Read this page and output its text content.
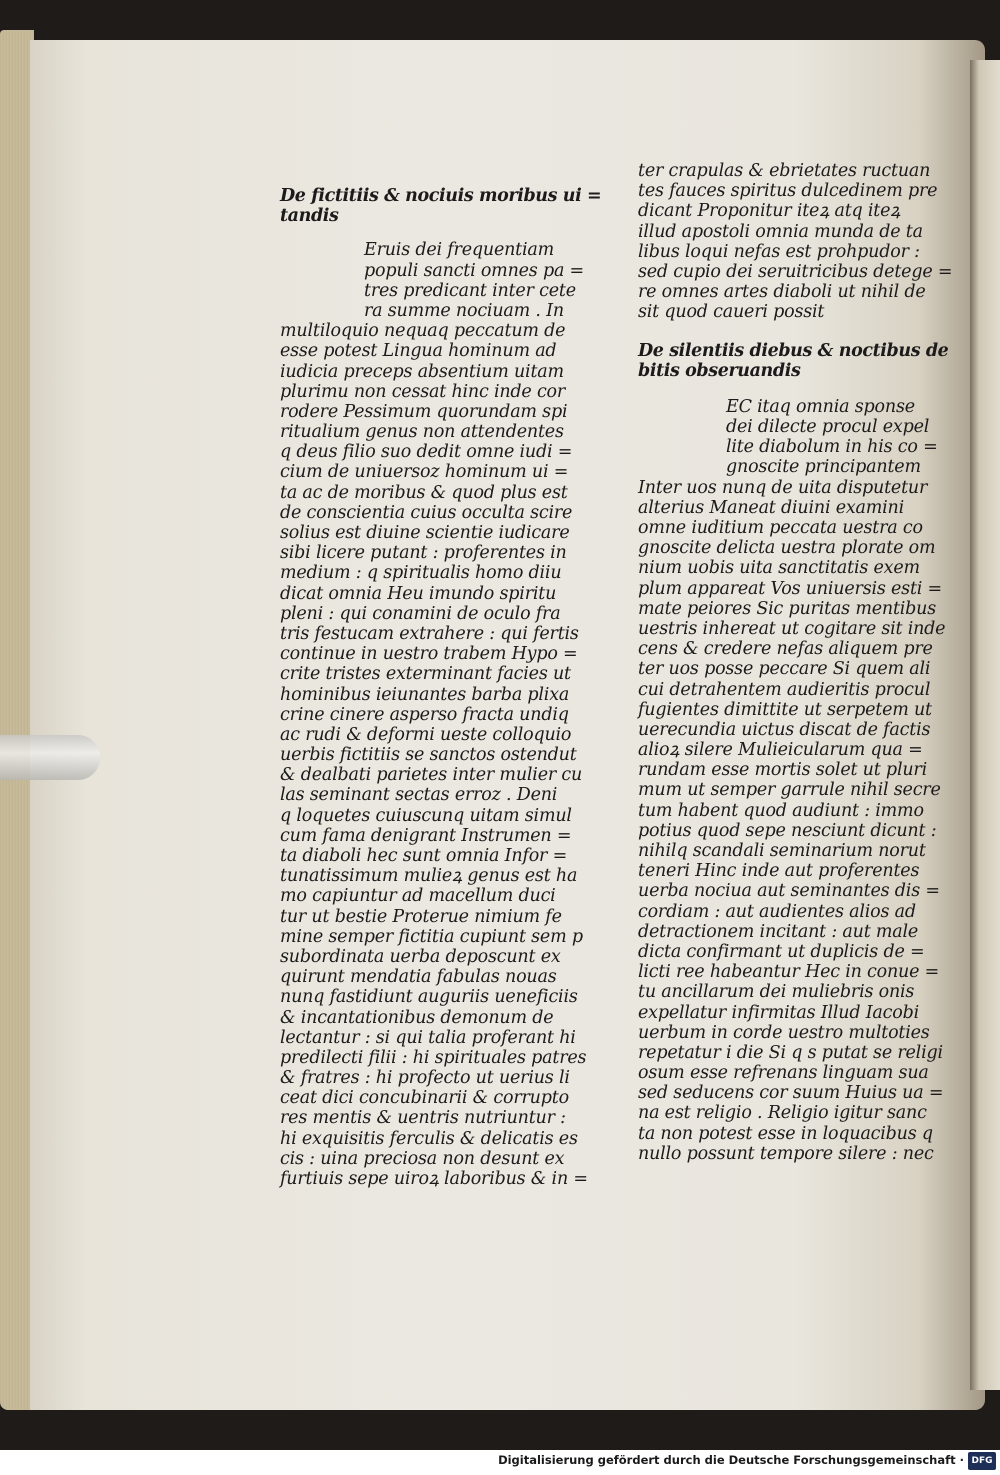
De fictitiis & nociuis moribus ui =
tandis
Eruis dei frequentiam
populi sancti omnes pa =
tres predicant inter cete
ra summe nociuam . In
multiloquio nequaq peccatum de
esse potest Lingua hominum ad
iudicia preceps absentium uitam
plurimu non cessat hinc inde cor
rodere Pessimum quorundam spi
ritualium genus non attendentes
q deus filio suo dedit omne iudi =
cium de uniuersoz hominum ui =
ta ac de moribus & quod plus est
de conscientia cuius occulta scire
solius est diuine scientie iudicare
sibi licere putant : proferentes in
medium : q spiritualis homo diiu
dicat omnia Heu imundo spiritu
pleni : qui conamini de oculo fra
tris festucam extrahere : qui fertis
continue in uestro trabem Hypo =
crite tristes exterminant facies ut
hominibus ieiunantes barba plixa
crine cinere asperso fracta undiq
ac rudi & deformi ueste colloquio
uerbis fictitiis se sanctos ostendut
& dealbati parietes inter mulier cu
las seminant sectas erroz . Deni
q loquetes cuiuscunq uitam simul
cum fama denigrant Instrumen =
ta diaboli hec sunt omnia Infor =
tunatissimum mulieꝝ genus est ha
mo capiuntur ad macellum duci
tur ut bestie Proterue nimium fe
mine semper fictitia cupiunt sem p
subordinata uerba deposcunt ex
quirunt mendatia fabulas nouas
nunq fastidiunt auguriis ueneficiis
& incantationibus demonum de
lectantur : si qui talia proferant hi
predilecti filii : hi spirituales patres
& fratres : hi profecto ut uerius li
ceat dici concubinarii & corrupto
res mentis & uentris nutriuntur :
hi exquisitis ferculis & delicatis es
cis : uina preciosa non desunt ex
furtiuis sepe uiroꝝ laboribus & in =
ter crapulas & ebrietates ructuan
tes fauces spiritus dulcedinem pre
dicant Proponitur iteꝝ atq iteꝝ
illud apostoli omnia munda de ta
libus loqui nefas est prohpudor :
sed cupio dei seruitricibus detege =
re omnes artes diaboli ut nihil de
sit quod caueri possit
De silentiis diebus & noctibus de
bitis obseruandis
EC itaq omnia sponse
dei dilecte procul expel
lite diabolum in his co =
gnoscite principantem
Inter uos nunq de uita disputetur
alterius Maneat diuini examini
omne iuditium peccata uestra co
gnoscite delicta uestra plorate om
nium uobis uita sanctitatis exem
plum appareat Vos uniuersis esti =
mate peiores Sic puritas mentibus
uestris inhereat ut cogitare sit inde
cens & credere nefas aliquem pre
ter uos posse peccare Si quem ali
cui detrahentem audieritis procul
fugientes dimittite ut serpetem ut
uerecundia uictus discat de factis
alioꝝ silere Mulieicularum qua =
rundam esse mortis solet ut pluri
mum ut semper garrule nihil secre
tum habent quod audiunt : immo
potius quod sepe nesciunt dicunt :
nihilq scandali seminarium norut
teneri Hinc inde aut proferentes
uerba nociua aut seminantes dis =
cordiam : aut audientes alios ad
detractionem incitant : aut male
dicta confirmant ut duplicis de =
licti ree habeantur Hec in conue =
tu ancillarum dei muliebris onis
expellatur infirmitas Illud Iacobi
uerbum in corde uestro multoties
repetatur i die Si q s putat se religi
osum esse refrenans linguam sua
sed seducens cor suum Huius ua =
na est religio . Religio igitur sanc
ta non potest esse in loquacibus q
nullo possunt tempore silere : nec
Digitalisierung gefördert durch die Deutsche Forschungsgemeinschaft · DFG
